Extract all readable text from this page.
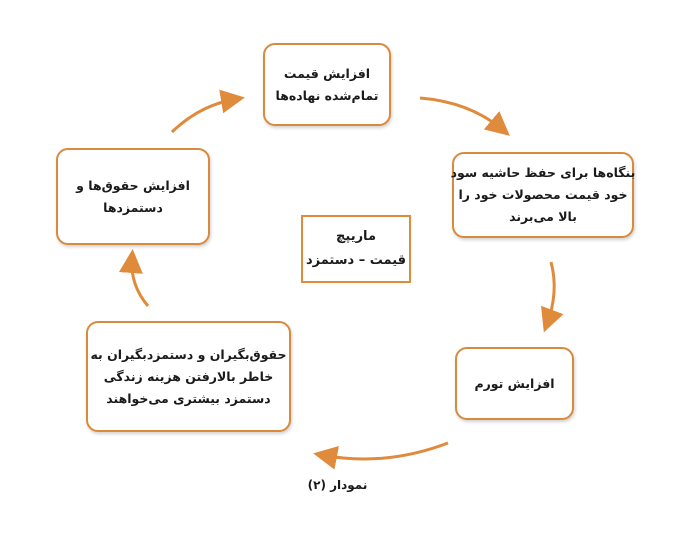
افزایش قیمت
تمام‌شده نهاده‌ها
بنگاه‌ها برای حفظ حاشیه سود
خود قیمت محصولات خود را
بالا می‌برند
افزایش تورم
حقوق‌بگیران و دستمزدبگیران به
خاطر بالارفتن هزینه زندگی
دستمزد بیشتری می‌خواهند
افزایش حقوق‌ها و
دستمزدها
ماریپچ
قیمت – دستمزد
نمودار (۲)
